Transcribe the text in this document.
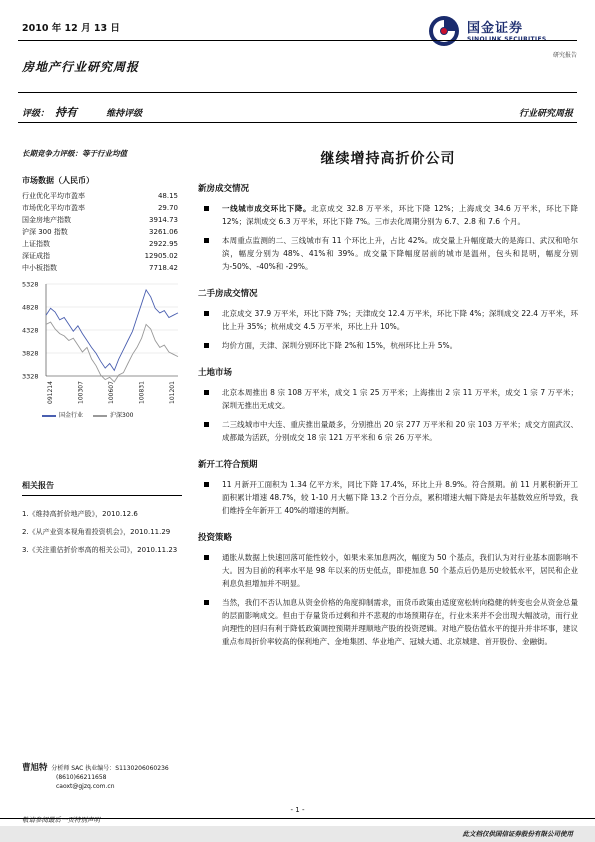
2010 年 12 月 13 日	国金证券
研究报告
房地产行业研究周报
评级： 持有	维持评级	行业研究周报
长期竞争力评级：等于行业均值
市场数据（人民币）
行业优化平均市盈率	48.15
市场优化平均市盈率	29.70
国金房地产指数	3914.73
沪深 300 指数	3261.06
上证指数	2922.95
深证成指	12905.02
中小板指数	7718.42
5328
4828
4328
3828
3328
091214	100307	100607	100831	101201
国金行业	沪深300
相关报告
1.《维持高折价地产股》，2010.12.6
2.《从产业资本视角看投资机会》，2010.11.29
3.《关注重估折价率高的相关公司》，2010.11.23
曹旭特 分析师 SAC 执业编号：S1130206060236
(8610)66211658
caoxt@gjzq.com.cn
继续增持高折价公司
新房成交情况
一线城市成交环比下降。北京成交 32.8 万平米，环比下降 12%；上海成交 34.6 万平米，环比下降 12%；深圳成交 6.3 万平米，环比下降 7%。三市去化周期分别为 6.7、2.8 和 7.6 个月。
本周重点监测的二、三线城市有 11 个环比上升，占比 42%。成交量上升幅度最大的是海口、武汉和哈尔滨，幅度分别为 48%、41%和 39%。成交量下降幅度居前的城市是温州，包头和昆明，幅度分别为-50%、-40%和 -29%。
二手房成交情况
北京成交 37.9 万平米，环比下降 7%；天津成交 12.4 万平米，环比下降 4%；深圳成交 22.4 万平米，环比上升 35%；杭州成交 4.5 万平米，环比上升 10%。
均价方面，天津、深圳分别环比下降 2%和 15%，杭州环比上升 5%。
土地市场
北京本周推出 8 宗 108 万平米，成交 1 宗 25 万平米；上海推出 2 宗 11 万平米，成交 1 宗 7 万平米；深圳无推出无成交。
二三线城市中大连、重庆推出量最多，分别推出 20 宗 277 万平米和 20 宗 103 万平米；成交方面武汉、成都最为活跃，分别成交 18 宗 121 万平米和 6 宗 26 万平米。
新开工符合预期
11 月新开工面积为 1.34 亿平方米，同比下降 17.4%，环比上升 8.9%。符合预期。前 11 月累积新开工面积累计增速 48.7%，较 1-10 月大幅下降 13.2 个百分点，累积增速大幅下降是去年基数效应所导致，我们维持全年新开工 40%的增速的判断。
投资策略
通胀从数据上快速回落可能性较小，如果未来加息两次，幅度为 50 个基点，我们认为对行业基本面影响不大。因为目前的利率水平是 98 年以来的历史低点，即使加息 50 个基点后仍是历史较低水平，居民和企业利息负担增加并不明显。
当然，我们不否认加息从资金价格的角度抑制需求，而货币政策由适度宽松转向稳健的转变也会从资金总量的层面影响成交。但由于存量货币过剩和并不悲观的市场预期存在，行业未来并不会出现大幅波动，而行业向理性的回归有利于降低政策调控预期并理顺地产股的投资逻辑。对地产股估值水平的提升并非坏事，建议重点布局折价率较高的保利地产、金地集团、华业地产、冠城大通、北京城建、首开股份、金融街。
- 1 -
敬请参阅最后一页特别声明
此文档仅供国信证券股份有限公司使用
